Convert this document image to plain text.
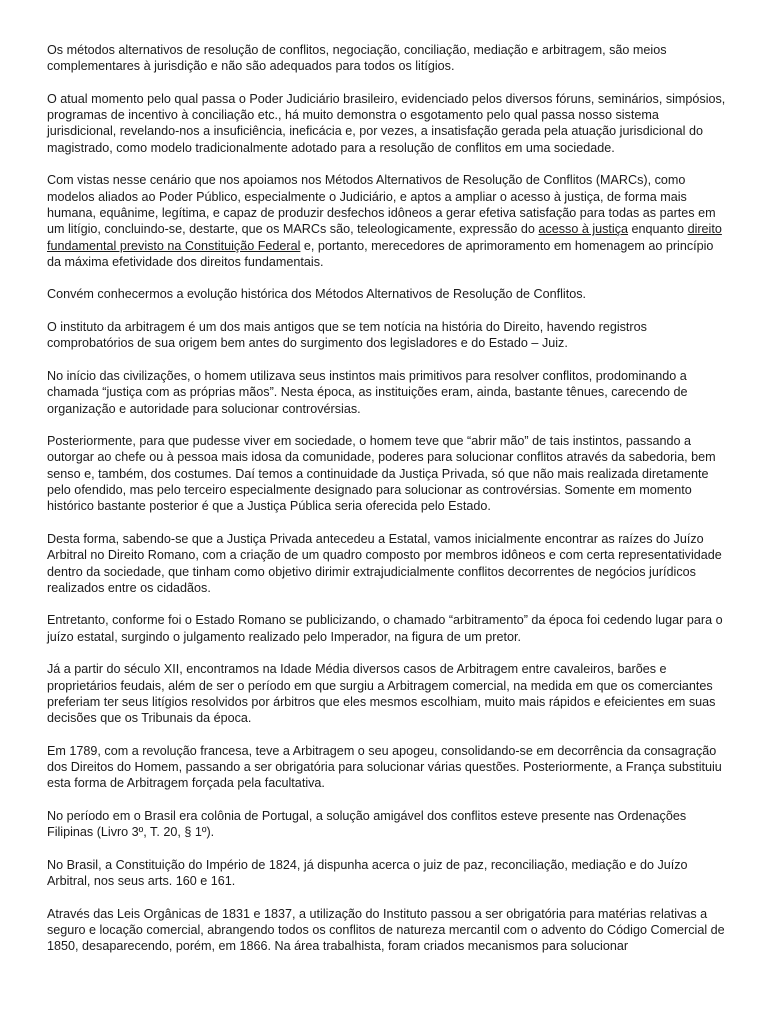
Os métodos alternativos de resolução de conflitos, negociação, conciliação, mediação e arbitragem, são meios complementares à jurisdição e não são adequados para todos os litígios.

O atual momento pelo qual passa o Poder Judiciário brasileiro, evidenciado pelos diversos fóruns, seminários, simpósios, programas de incentivo à conciliação etc., há muito demonstra o esgotamento pelo qual passa nosso sistema jurisdicional, revelando-nos a insuficiência, ineficácia e, por vezes, a insatisfação gerada pela atuação jurisdicional do magistrado, como modelo tradicionalmente adotado para a resolução de conflitos em uma sociedade.

Com vistas nesse cenário que nos apoiamos nos Métodos Alternativos de Resolução de Conflitos (MARCs), como modelos aliados ao Poder Público, especialmente o Judiciário, e aptos a ampliar o acesso à justiça, de forma mais humana, equânime, legítima, e capaz de produzir desfechos idôneos a gerar efetiva satisfação para todas as partes em um litígio, concluindo-se, destarte, que os MARCs são, teleologicamente, expressão do acesso à justiça enquanto direito fundamental previsto na Constituição Federal e, portanto, merecedores de aprimoramento em homenagem ao princípio da máxima efetividade dos direitos fundamentais.

Convém conhecermos a evolução histórica dos Métodos Alternativos de Resolução de Conflitos.

O instituto da arbitragem é um dos mais antigos que se tem notícia na história do Direito, havendo registros comprobatórios de sua origem bem antes do surgimento dos legisladores e do Estado – Juiz.

No início das civilizações, o homem utilizava seus instintos mais primitivos para resolver conflitos, prodominando a chamada “justiça com as próprias mãos”. Nesta época, as instituições eram, ainda, bastante tênues, carecendo de organização e autoridade para solucionar controvérsias.

Posteriormente, para que pudesse viver em sociedade, o homem teve que “abrir mão” de tais instintos, passando a outorgar ao chefe ou à pessoa mais idosa da comunidade, poderes para solucionar conflitos através da sabedoria, bem senso e, também, dos costumes. Daí temos a continuidade da Justiça Privada, só que não mais realizada diretamente pelo ofendido, mas pelo terceiro especialmente designado para solucionar as controvérsias. Somente em momento histórico bastante posterior é que a Justiça Pública seria oferecida pelo Estado.

Desta forma, sabendo-se que a Justiça Privada antecedeu a Estatal, vamos inicialmente encontrar as raízes do Juízo Arbitral no Direito Romano, com a criação de um quadro composto por membros idôneos e com certa representatividade dentro da sociedade, que tinham como objetivo dirimir extrajudicialmente conflitos decorrentes de negócios jurídicos realizados entre os cidadãos.

Entretanto, conforme foi o Estado Romano se publicizando, o chamado “arbitramento” da época foi cedendo lugar para o juízo estatal, surgindo o julgamento realizado pelo Imperador, na figura de um pretor.

Já a partir do século XII, encontramos na Idade Média diversos casos de Arbitragem entre cavaleiros, barões e proprietários feudais, além de ser o período em que surgiu a Arbitragem comercial, na medida em que os comerciantes preferiam ter seus litígios resolvidos por árbitros que eles mesmos escolhiam, muito mais rápidos e efeicientes em suas decisões que os Tribunais da época.

Em 1789, com a revolução francesa, teve a Arbitragem o seu apogeu, consolidando-se em decorrência da consagração dos Direitos do Homem, passando a ser obrigatória para solucionar várias questões. Posteriormente, a França substituiu esta forma de Arbitragem forçada pela facultativa.

No período em o Brasil era colônia de Portugal, a solução amigável dos conflitos esteve presente nas Ordenações Filipinas (Livro 3º, T. 20, § 1º).

No Brasil, a Constituição do Império de 1824, já dispunha acerca o juiz de paz, reconciliação, mediação e do Juízo Arbitral, nos seus arts. 160 e 161.

Através das Leis Orgânicas de 1831 e 1837, a utilização do Instituto passou a ser obrigatória para matérias relativas a seguro e locação comercial, abrangendo todos os conflitos de natureza mercantil com o advento do Código Comercial de 1850, desaparecendo, porém, em 1866. Na área trabalhista, foram criados mecanismos para solucionar
